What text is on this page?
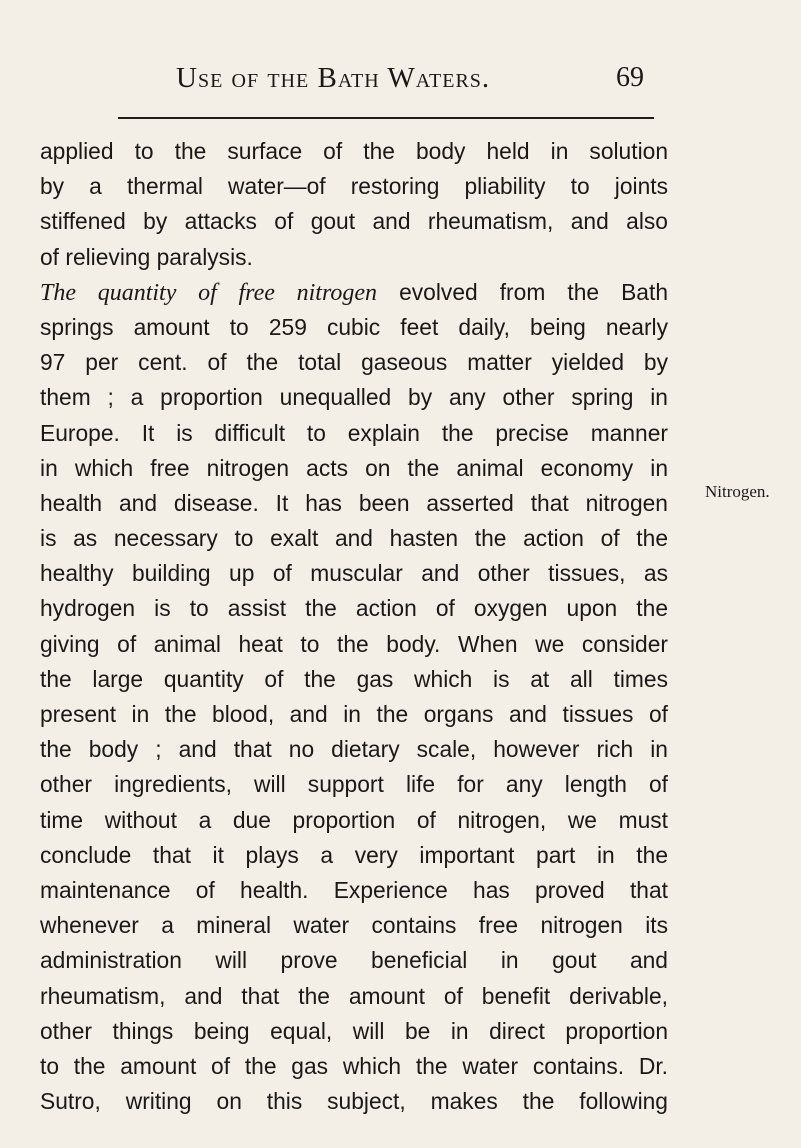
Use of the Bath Waters.	69
applied to the surface of the body held in solution
by a thermal water—of restoring pliability to joints
stiffened by attacks of gout and rheumatism, and also
of relieving paralysis.
The quantity of free nitrogen evolved from the Bath
springs amount to 259 cubic feet daily, being nearly
97 per cent. of the total gaseous matter yielded by
them ; a proportion unequalled by any other spring in
Europe. It is difficult to explain the precise manner
in which free nitrogen acts on the animal economy in
health and disease. It has been asserted that nitrogen
is as necessary to exalt and hasten the action of the
healthy building up of muscular and other tissues, as
hydrogen is to assist the action of oxygen upon the
giving of animal heat to the body. When we consider
the large quantity of the gas which is at all times
present in the blood, and in the organs and tissues of
the body ; and that no dietary scale, however rich in
other ingredients, will support life for any length of
time without a due proportion of nitrogen, we must
conclude that it plays a very important part in the
maintenance of health. Experience has proved that
whenever a mineral water contains free nitrogen its
administration will prove beneficial in gout and
rheumatism, and that the amount of benefit derivable,
other things being equal, will be in direct proportion
to the amount of the gas which the water contains. Dr.
Sutro, writing on this subject, makes the following
Nitrogen.
